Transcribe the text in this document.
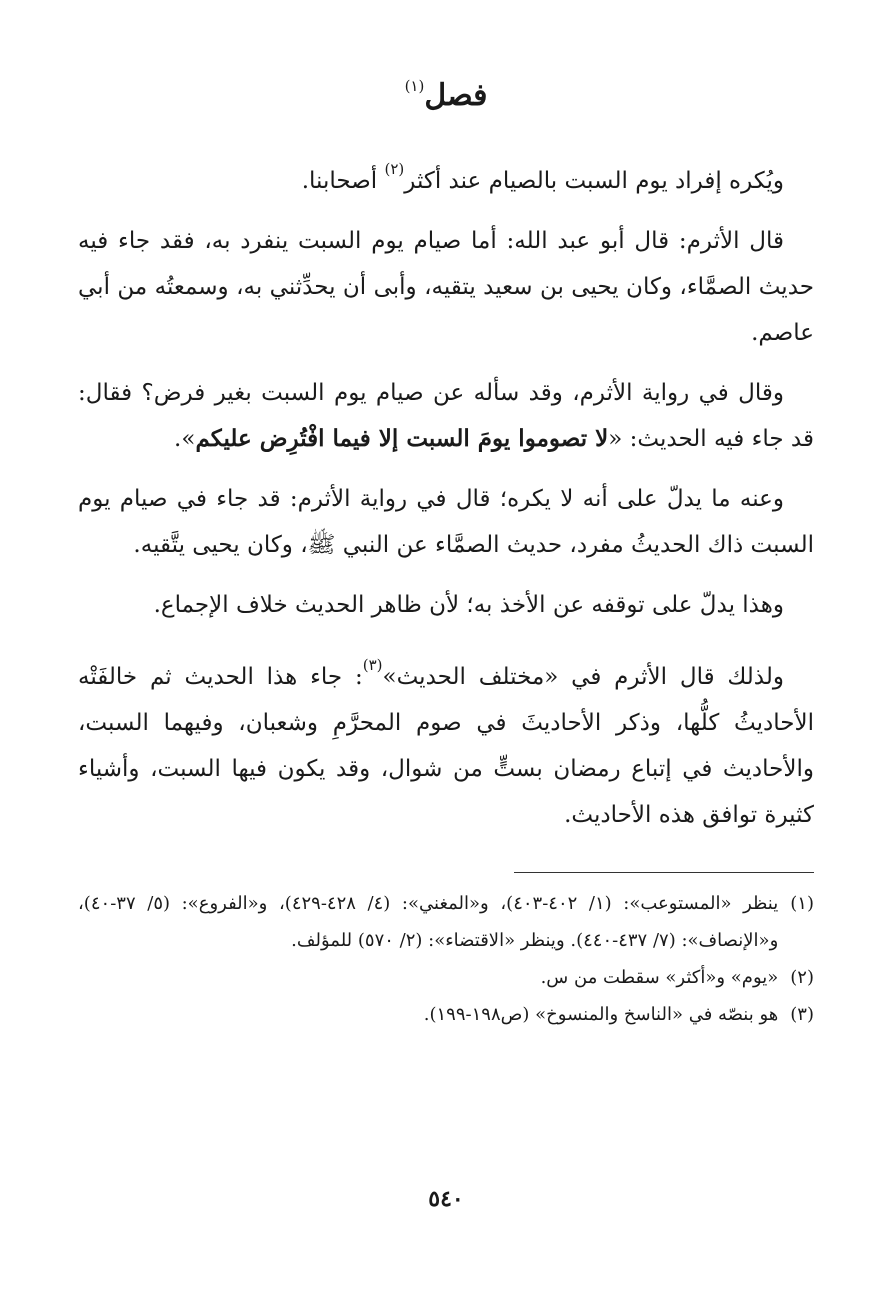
فصل$^{(١)}$

ويُكره إفراد يوم السبت بالصيام عند أكثر$^{(٢)}$ أصحابنا.

قال الأثرم: قال أبو عبد الله: أما صيام يوم السبت ينفرد به، فقد جاء فيه حديث الصمَّاء، وكان يحيى بن سعيد يتقيه، وأبى أن يحدِّثني به، وسمعتُه من أبي عاصم.

وقال في رواية الأثرم، وقد سأله عن صيام يوم السبت بغير فرض؟ فقال: قد جاء فيه الحديث: «لا تصوموا يومَ السبت إلا فيما افْتُرِض عليكم».

وعنه ما يدلّ على أنه لا يكره؛ قال في رواية الأثرم: قد جاء في صيام يوم السبت ذاك الحديثُ مفرد، حديث الصمَّاء عن النبي ﷺ، وكان يحيى يتَّقيه.

وهذا يدلّ على توقفه عن الأخذ به؛ لأن ظاهر الحديث خلاف الإجماع.

ولذلك قال الأثرم في «مختلف الحديث»$^{(٣)}$: جاء هذا الحديث ثم خالفَتْه الأحاديثُ كلُّها، وذكر الأحاديثَ في صوم المحرَّمِ وشعبان، وفيهما السبت، والأحاديث في إتباع رمضان بستٍّ من شوال، وقد يكون فيها السبت، وأشياء كثيرة توافق هذه الأحاديث.

(١)
ينظر «المستوعب»: (١/ ٤٠٢-٤٠٣)، و«المغني»: (٤/ ٤٢٨-٤٢٩)، و«الفروع»: (٥/ ٣٧-٤٠)، و«الإنصاف»: (٧/ ٤٣٧-٤٤٠). وينظر «الاقتضاء»: (٢/ ٥٧٠) للمؤلف.
(٢)
«يوم» و«أكثر» سقطت من س.
(٣)
هو بنصّه في «الناسخ والمنسوخ» (ص١٩٨-١٩٩).
٥٤٠
